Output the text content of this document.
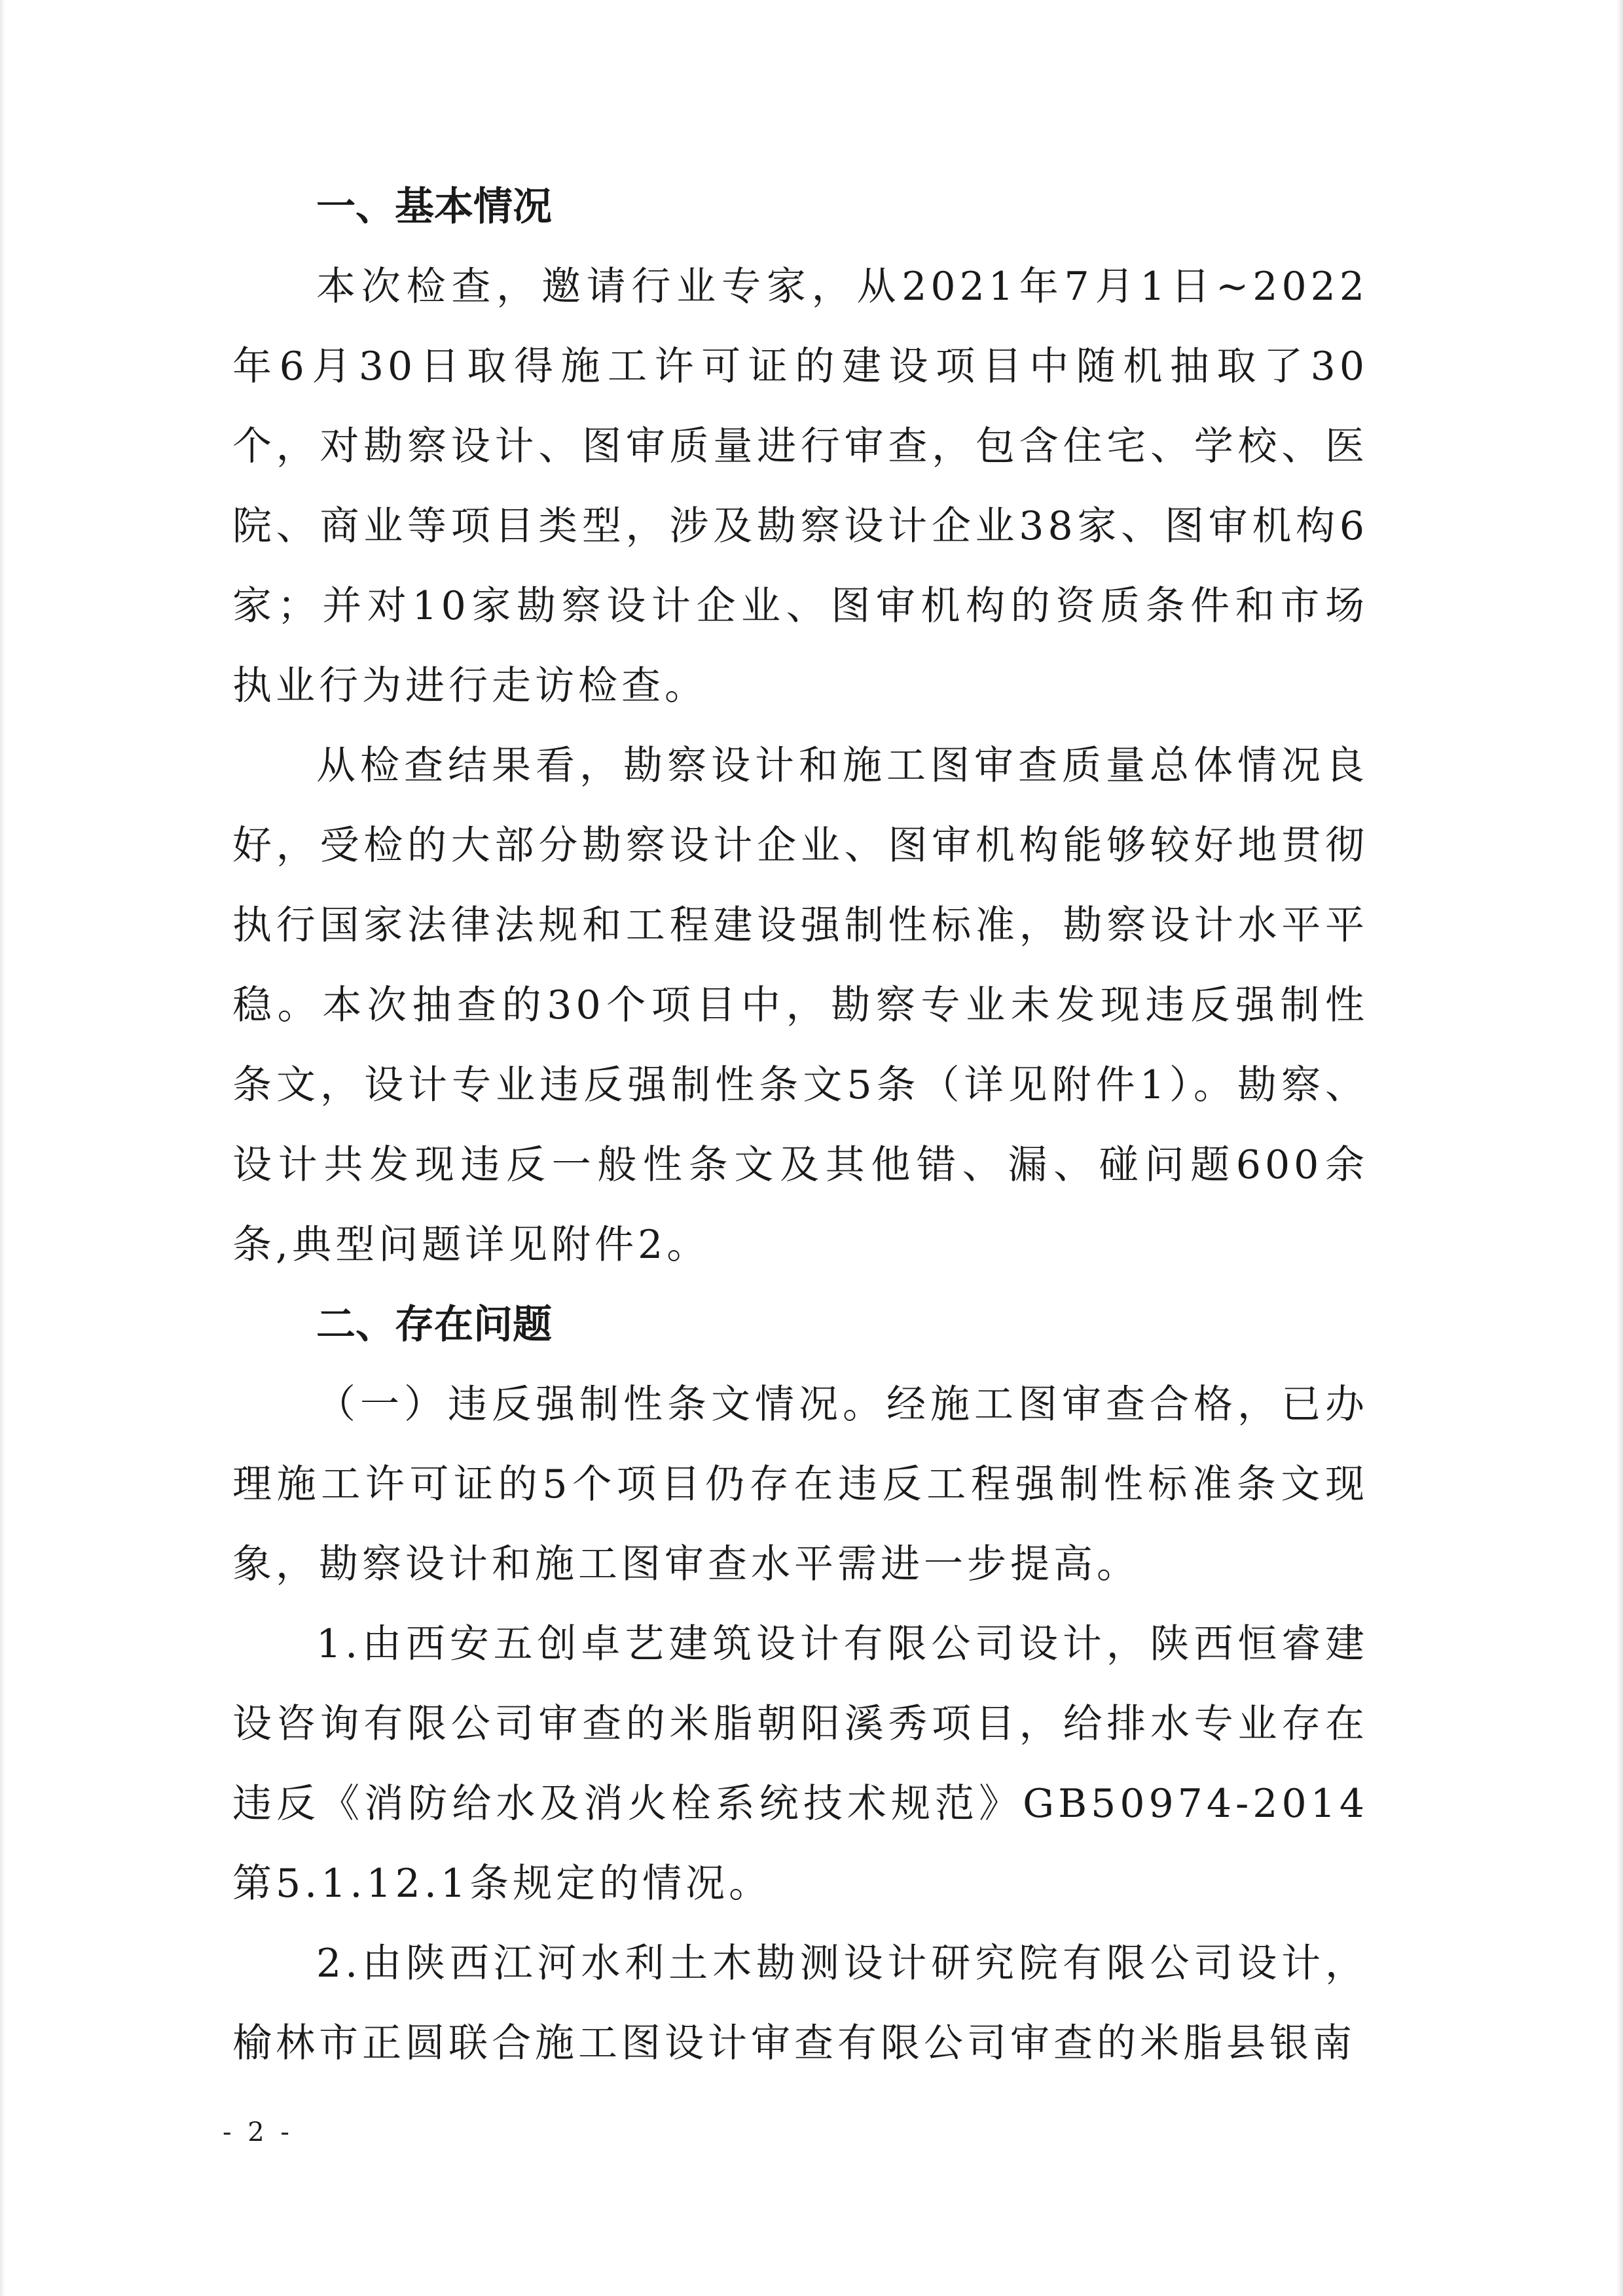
一、基本情况

本次检查，邀请行业专家，从2021年7月1日~2022年6月30日取得施工许可证的建设项目中随机抽取了30个，对勘察设计、图审质量进行审查，包含住宅、学校、医院、商业等项目类型，涉及勘察设计企业38家、图审机构6家；并对10家勘察设计企业、图审机构的资质条件和市场执业行为进行走访检查。

从检查结果看，勘察设计和施工图审查质量总体情况良好，受检的大部分勘察设计企业、图审机构能够较好地贯彻执行国家法律法规和工程建设强制性标准，勘察设计水平平稳。本次抽查的30个项目中，勘察专业未发现违反强制性条文，设计专业违反强制性条文5条（详见附件1）。勘察、设计共发现违反一般性条文及其他错、漏、碰问题600余条,典型问题详见附件2。

二、存在问题

（一）违反强制性条文情况。经施工图审查合格，已办理施工许可证的5个项目仍存在违反工程强制性标准条文现象，勘察设计和施工图审查水平需进一步提高。

1.由西安五创卓艺建筑设计有限公司设计，陕西恒睿建设咨询有限公司审查的米脂朝阳溪秀项目，给排水专业存在违反《消防给水及消火栓系统技术规范》GB50974-2014第5.1.12.1条规定的情况。

2.由陕西江河水利土木勘测设计研究院有限公司设计，榆林市正圆联合施工图设计审查有限公司审查的米脂县银南

- 2 -
